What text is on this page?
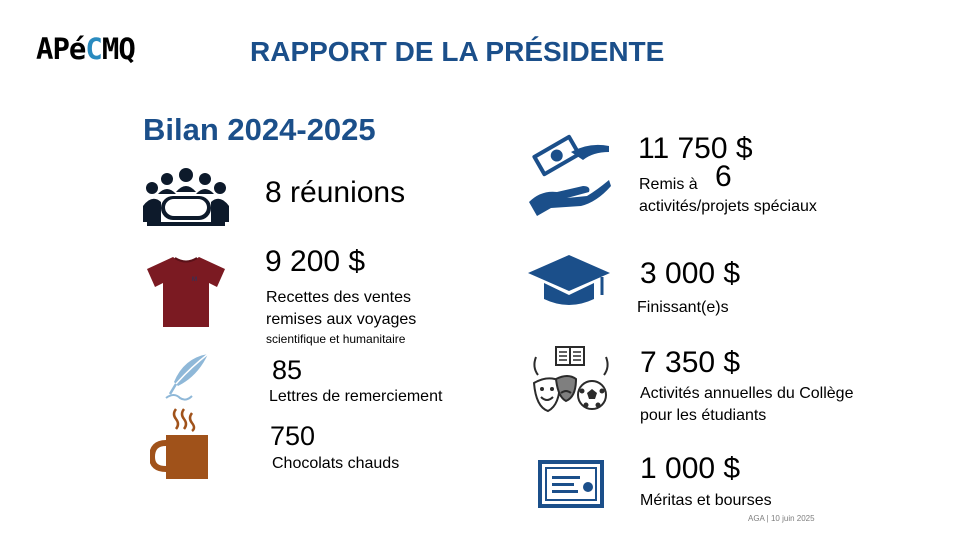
APéCMQ	RAPPORT DE LA PRÉSIDENTE
Bilan 2024-2025
8 réunions
M
9 200 $
Recettes des ventes
remises aux voyages
scientifique et humanitaire
85
Lettres de remerciement
750
Chocolats chauds
11 750 $
Remis à 6
activités/projets spéciaux
3 000 $
Finissant(e)s
7 350 $
Activités annuelles du Collège
pour les étudiants
1 000 $
Méritas et bourses
AGA | 10 juin 2025
